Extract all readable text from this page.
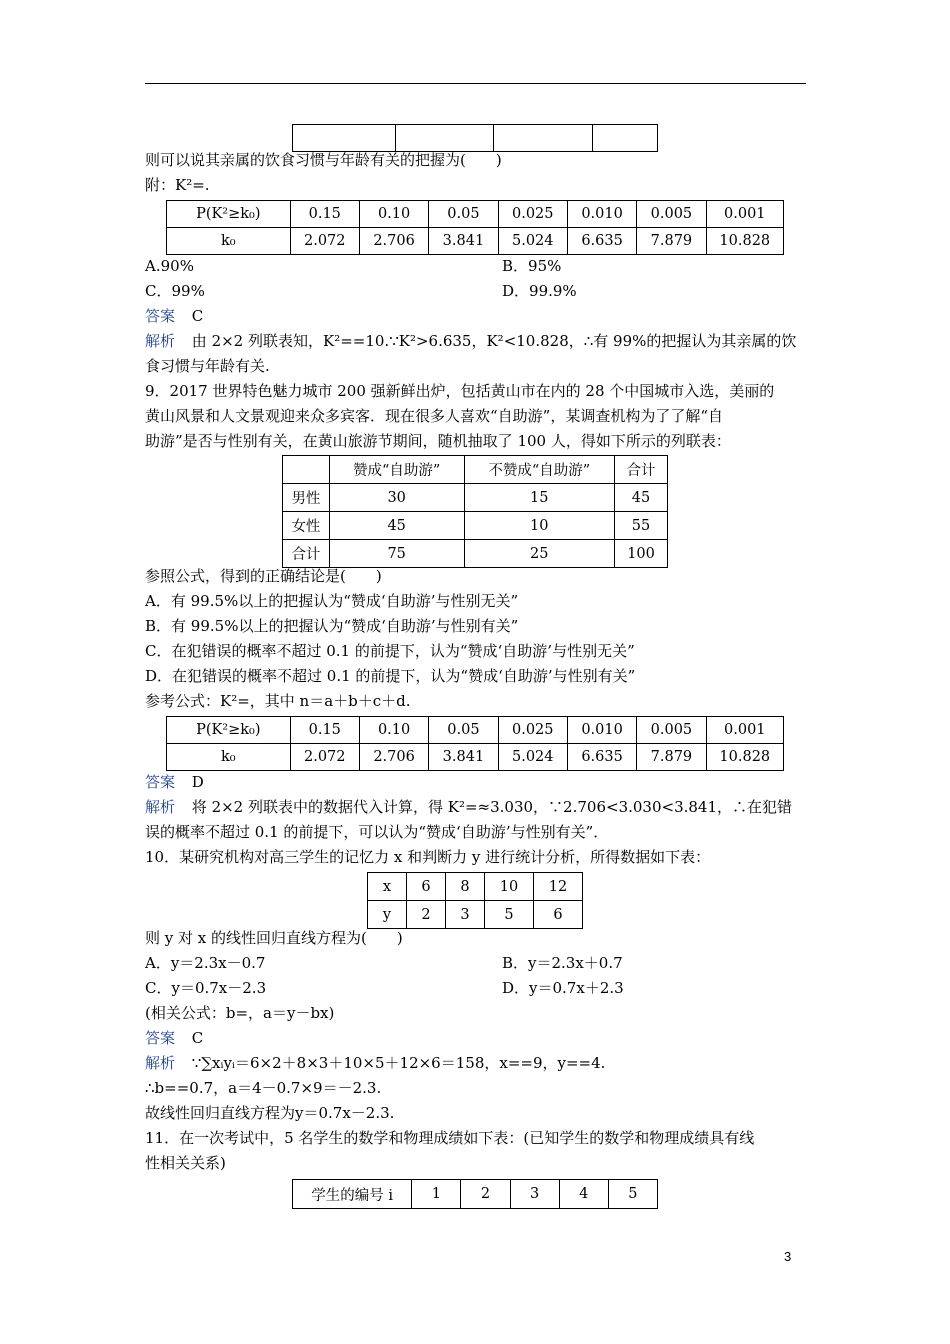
则可以说其亲属的饮食习惯与年龄有关的把握为(　　)
附：K²=.
P(K²≥k₀)	0.15	0.10	0.05	0.025	0.010	0.005	0.001
k₀	2.072	2.706	3.841	5.024	6.635	7.879	10.828
A.90%	B．95%
C．99%	D．99.9%
答案 C
解析 由 2×2 列联表知，K²==10.∵K²>6.635，K²<10.828，∴有 99%的把握认为其亲属的饮
食习惯与年龄有关.
9．2017 世界特色魅力城市 200 强新鲜出炉，包括黄山市在内的 28 个中国城市入选，美丽的
黄山风景和人文景观迎来众多宾客．现在很多人喜欢“自助游”，某调查机构为了了解“自
助游”是否与性别有关，在黄山旅游节期间，随机抽取了 100 人，得如下所示的列联表：
	赞成“自助游”	不赞成“自助游”	合计
男性	30	15	45
女性	45	10	55
合计	75	25	100
参照公式，得到的正确结论是(　　)
A．有 99.5%以上的把握认为“赞成‘自助游’与性别无关”
B．有 99.5%以上的把握认为“赞成‘自助游’与性别有关”
C．在犯错误的概率不超过 0.1 的前提下，认为“赞成‘自助游’与性别无关”
D．在犯错误的概率不超过 0.1 的前提下，认为“赞成‘自助游’与性别有关”
参考公式：K²=，其中 n＝a＋b＋c＋d.
P(K²≥k₀)	0.15	0.10	0.05	0.025	0.010	0.005	0.001
k₀	2.072	2.706	3.841	5.024	6.635	7.879	10.828
答案 D
解析 将 2×2 列联表中的数据代入计算，得 K²=≈3.030，∵2.706<3.030<3.841，∴在犯错
误的概率不超过 0.1 的前提下，可以认为“赞成‘自助游’与性别有关”．
10．某研究机构对高三学生的记忆力 x 和判断力 y 进行统计分析，所得数据如下表：
x	6	8	10	12
y	2	3	5	6
则 y 对 x 的线性回归直线方程为(　　)
A．y＝2.3x－0.7	B．y＝2.3x＋0.7
C．y＝0.7x－2.3	D．y＝0.7x＋2.3
(相关公式：b=，a＝y－bx)
答案 C
解析 ∵∑xᵢyᵢ＝6×2＋8×3＋10×5＋12×6＝158，x==9，y==4.
∴b==0.7，a＝4－0.7×9＝－2.3.
故线性回归直线方程为y＝0.7x－2.3.
11．在一次考试中，5 名学生的数学和物理成绩如下表：(已知学生的数学和物理成绩具有线
性相关关系)
学生的编号 i	1	2	3	4	5
3
